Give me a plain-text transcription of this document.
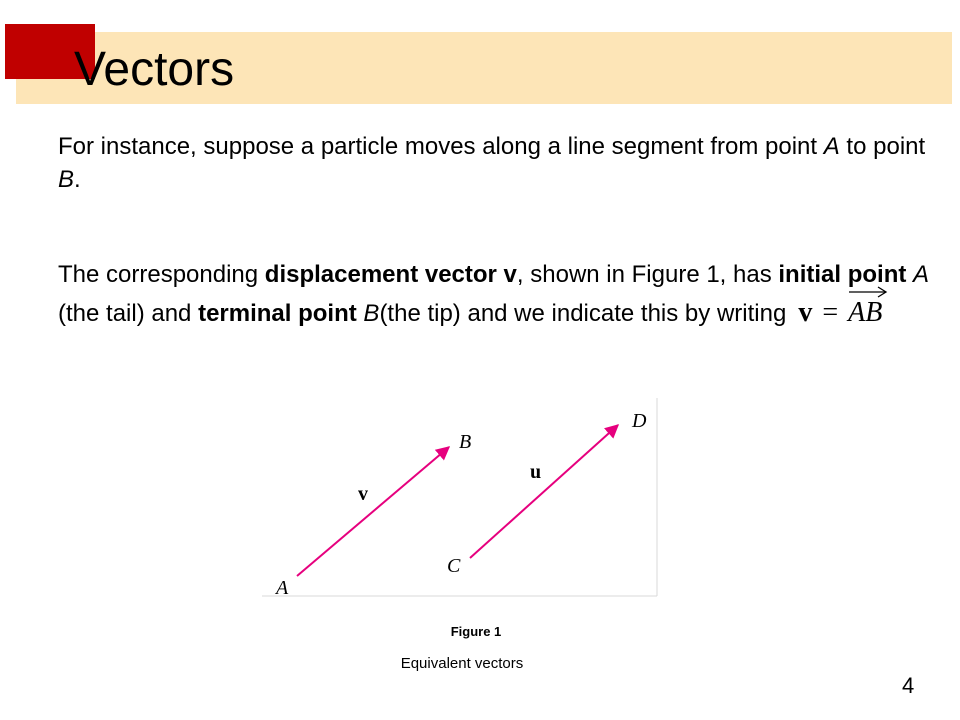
Vectors

For instance, suppose a particle moves along a line segment from point A to point B.

The corresponding displacement vector v, shown in Figure 1, has initial point A (the tail) and terminal point B(the tip) and we indicate this by writing v = AB

A
B
C
D
v
u
Figure 1
Equivalent vectors
4
